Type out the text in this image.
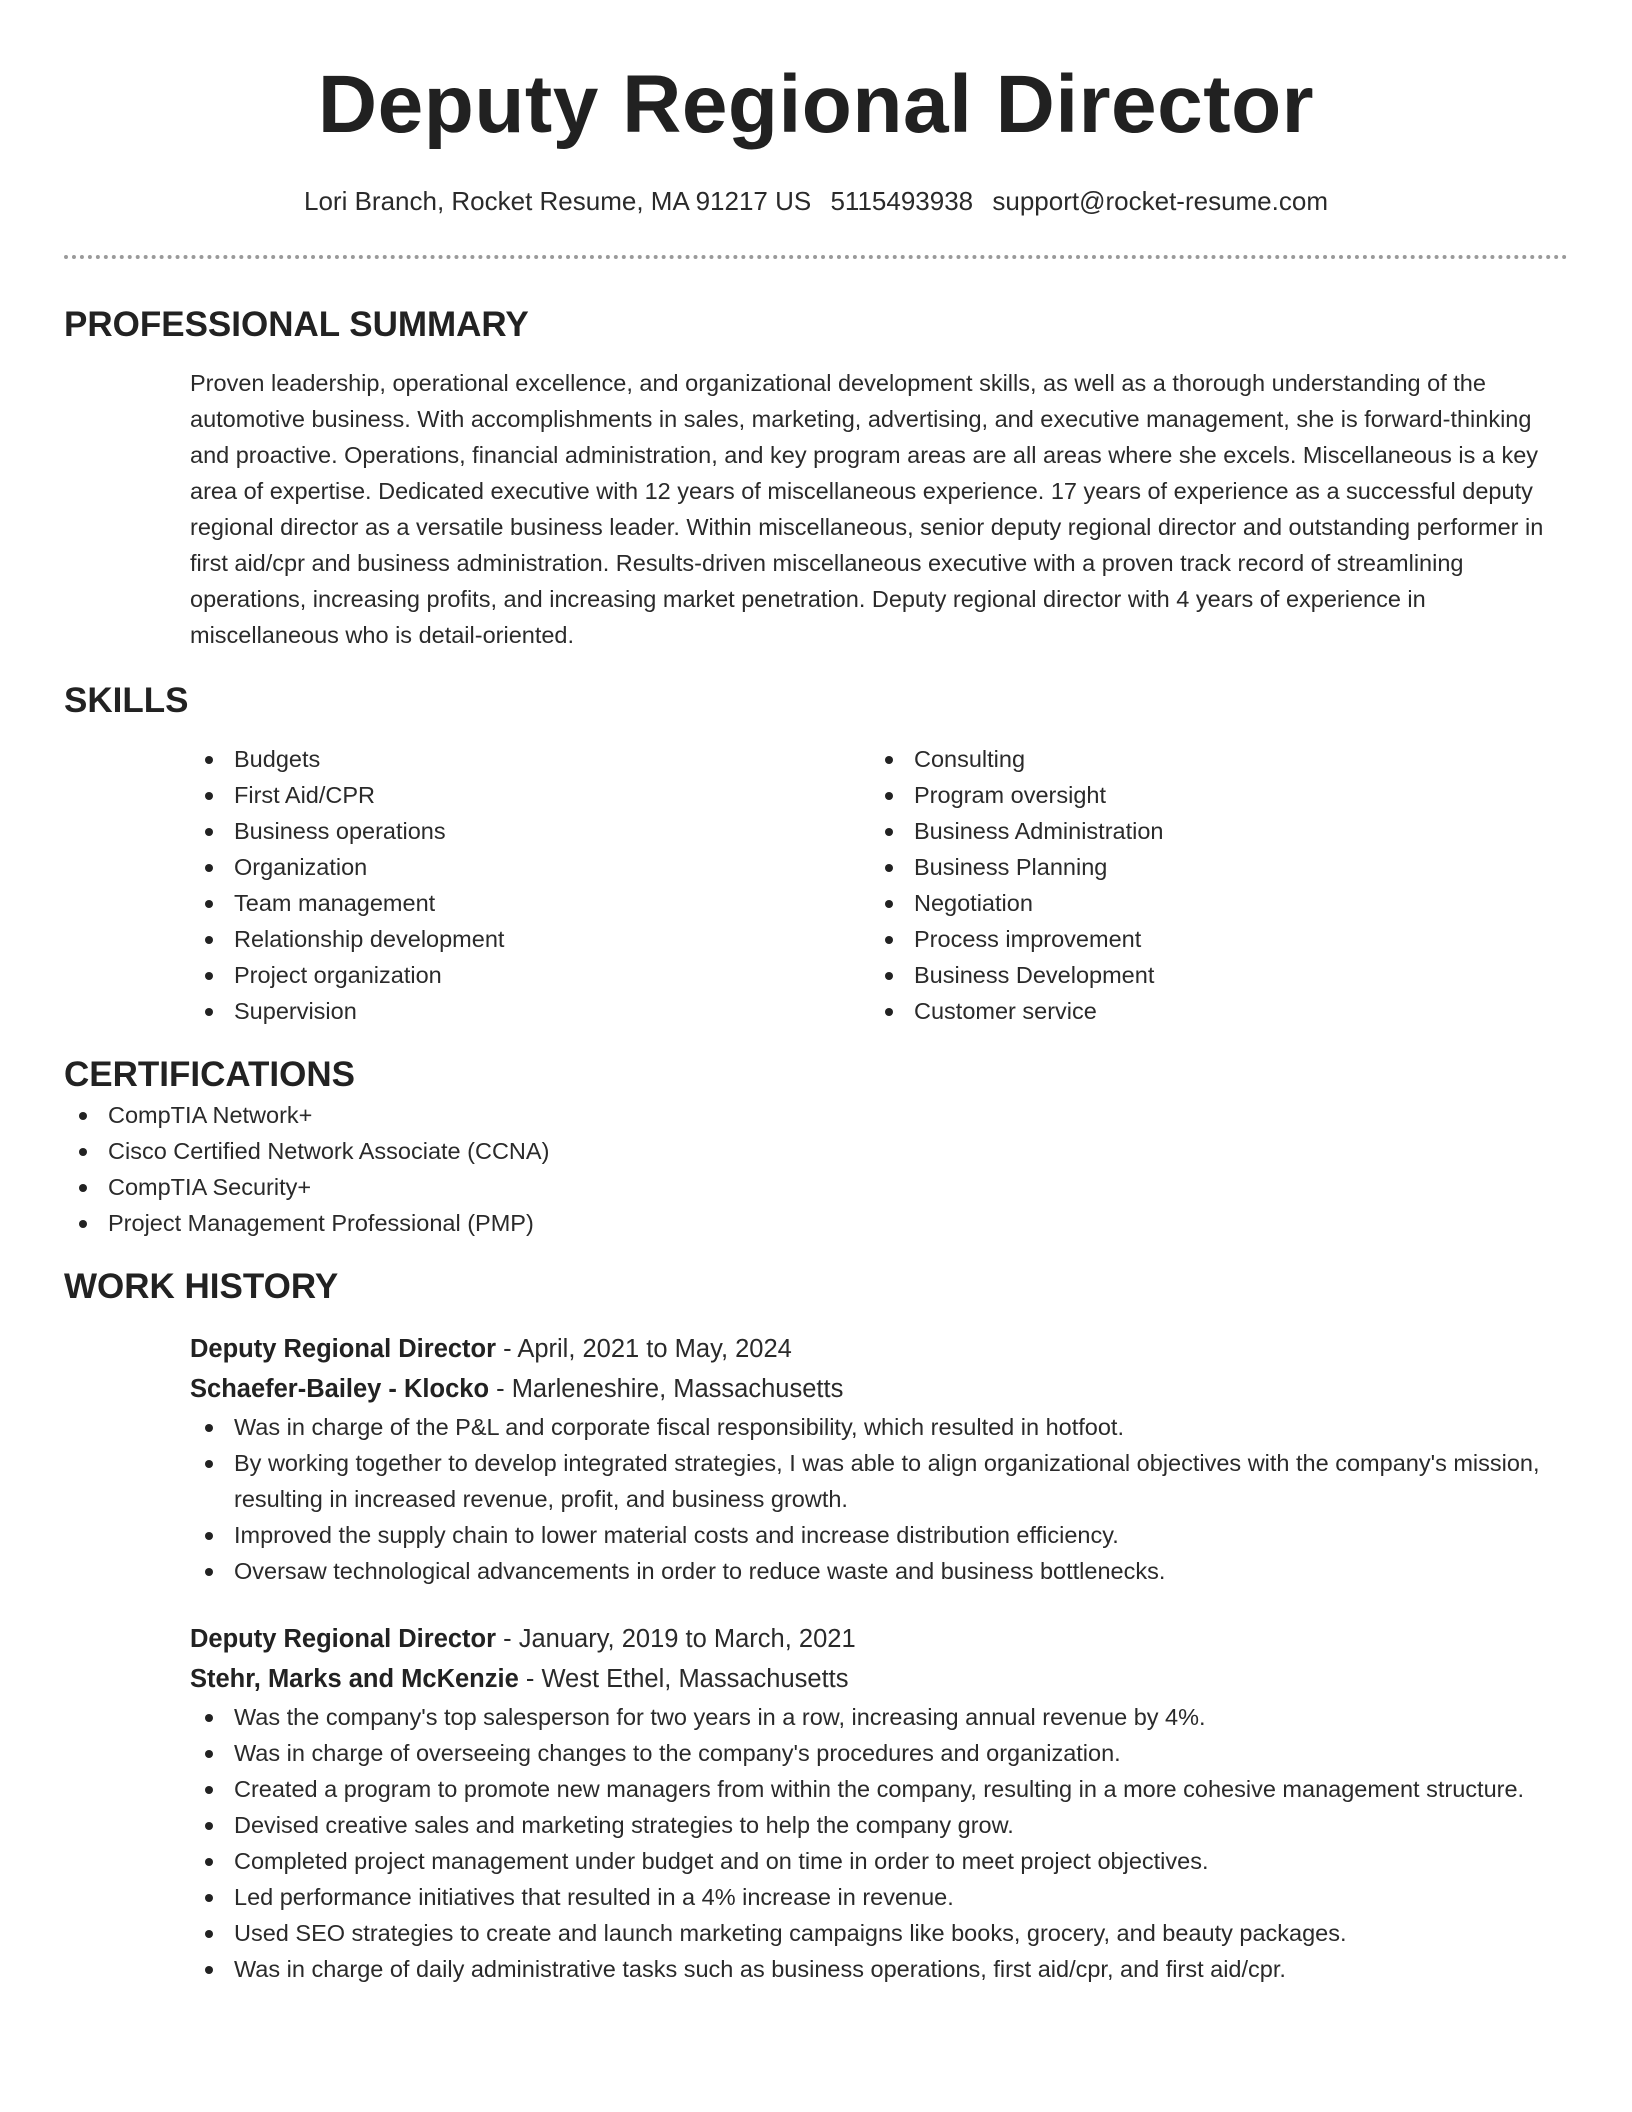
Deputy Regional Director
Lori Branch, Rocket Resume, MA 91217 US 5115493938 support@rocket-resume.com
PROFESSIONAL SUMMARY

Proven leadership, operational excellence, and organizational development skills, as well as a thorough understanding of the automotive business. With accomplishments in sales, marketing, advertising, and executive management, she is forward-thinking and proactive. Operations, financial administration, and key program areas are all areas where she excels. Miscellaneous is a key area of expertise. Dedicated executive with 12 years of miscellaneous experience. 17 years of experience as a successful deputy regional director as a versatile business leader. Within miscellaneous, senior deputy regional director and outstanding performer in first aid/cpr and business administration. Results-driven miscellaneous executive with a proven track record of streamlining operations, increasing profits, and increasing market penetration. Deputy regional director with 4 years of experience in miscellaneous who is detail-oriented.

SKILLS
Budgets
First Aid/CPR
Business operations
Organization
Team management
Relationship development
Project organization
Supervision
Consulting
Program oversight
Business Administration
Business Planning
Negotiation
Process improvement
Business Development
Customer service
CERTIFICATIONS
CompTIA Network+
Cisco Certified Network Associate (CCNA)
CompTIA Security+
Project Management Professional (PMP)
WORK HISTORY
Deputy Regional Director - April, 2021 to May, 2024
Schaefer-Bailey - Klocko - Marleneshire, Massachusetts
Was in charge of the P&L and corporate fiscal responsibility, which resulted in hotfoot.
By working together to develop integrated strategies, I was able to align organizational objectives with the company's mission, resulting in increased revenue, profit, and business growth.
Improved the supply chain to lower material costs and increase distribution efficiency.
Oversaw technological advancements in order to reduce waste and business bottlenecks.
Deputy Regional Director - January, 2019 to March, 2021
Stehr, Marks and McKenzie - West Ethel, Massachusetts
Was the company's top salesperson for two years in a row, increasing annual revenue by 4%.
Was in charge of overseeing changes to the company's procedures and organization.
Created a program to promote new managers from within the company, resulting in a more cohesive management structure.
Devised creative sales and marketing strategies to help the company grow.
Completed project management under budget and on time in order to meet project objectives.
Led performance initiatives that resulted in a 4% increase in revenue.
Used SEO strategies to create and launch marketing campaigns like books, grocery, and beauty packages.
Was in charge of daily administrative tasks such as business operations, first aid/cpr, and first aid/cpr.
